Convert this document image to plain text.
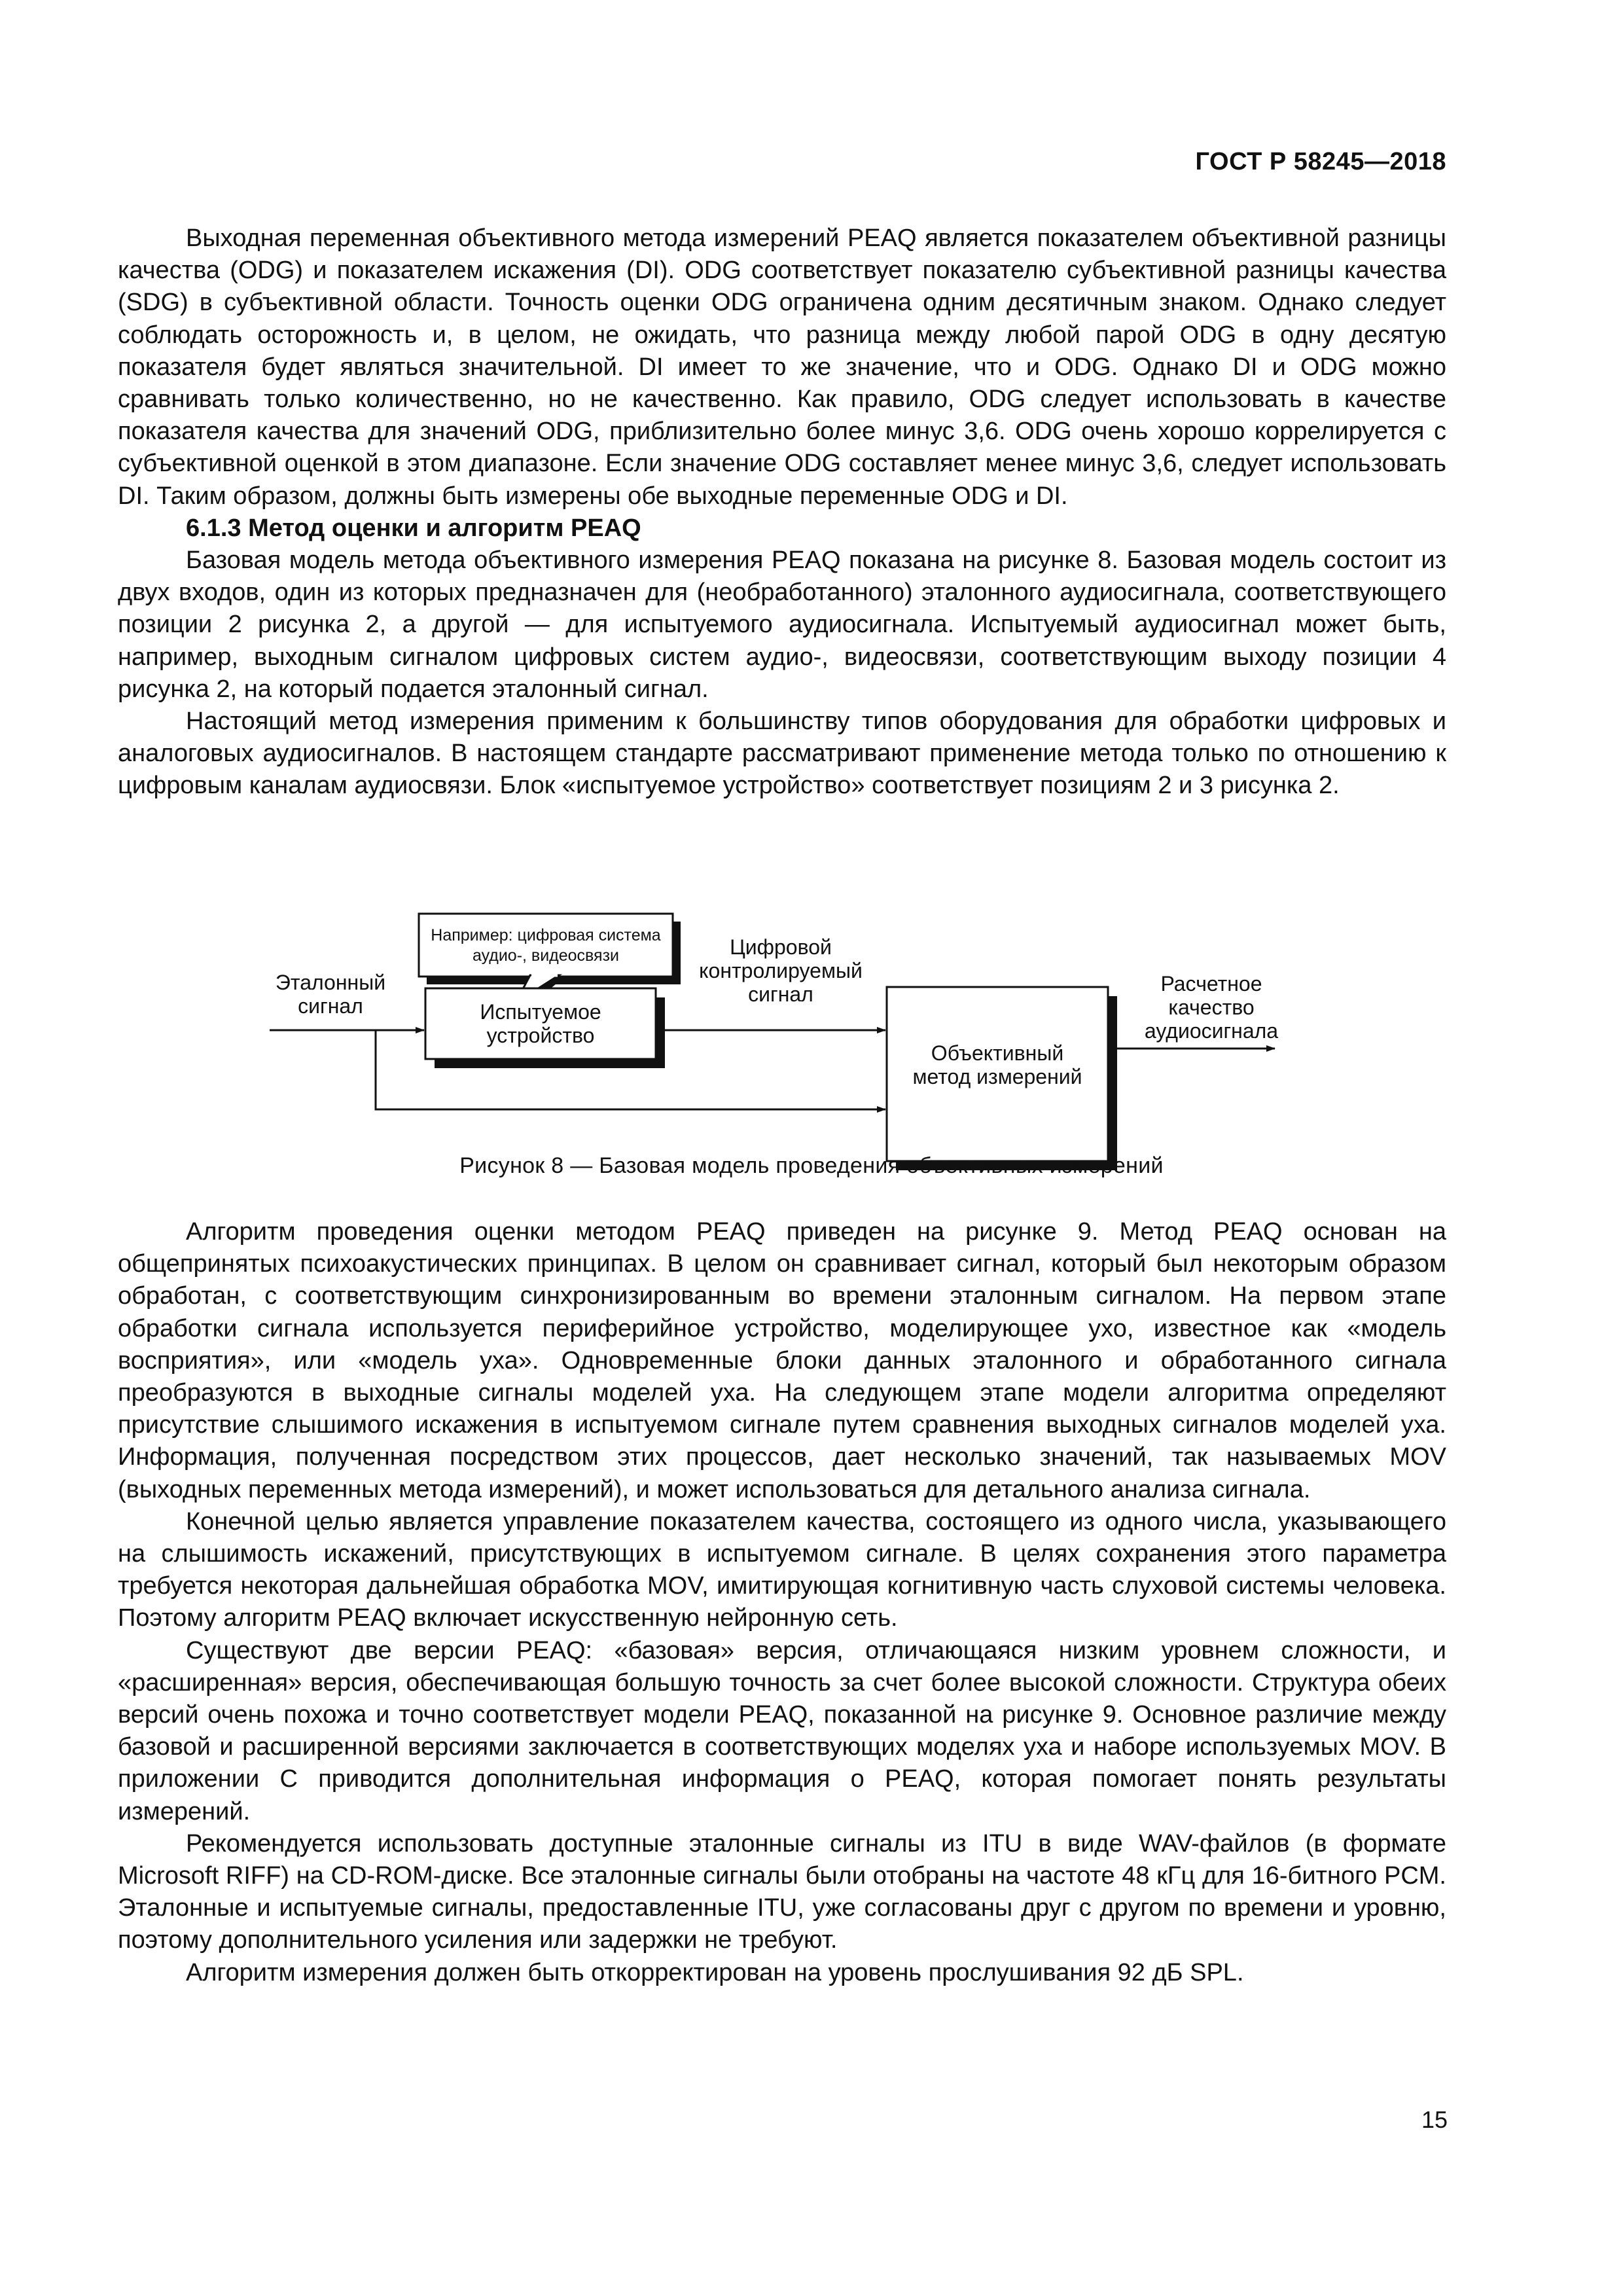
ГОСТ Р 58245—2018

Выходная переменная объективного метода измерений PEAQ является показателем объективной разницы качества (ODG) и показателем искажения (DI). ODG соответствует показателю субъективной разницы качества (SDG) в субъективной области. Точность оценки ODG ограничена одним десятичным знаком. Однако следует соблюдать осторожность и, в целом, не ожидать, что разница между любой парой ODG в одну десятую показателя будет являться значительной. DI имеет то же значение, что и ODG. Однако DI и ODG можно сравнивать только количественно, но не качественно. Как правило, ODG следует использовать в качестве показателя качества для значений ODG, приблизительно более минус 3,6. ODG очень хорошо коррелируется с субъективной оценкой в этом диапазоне. Если значение ODG составляет менее минус 3,6, следует использовать DI. Таким образом, должны быть измерены обе выходные переменные ODG и DI.

6.1.3 Метод оценки и алгоритм PEAQ

Базовая модель метода объективного измерения PEAQ показана на рисунке 8. Базовая модель состоит из двух входов, один из которых предназначен для (необработанного) эталонного аудиосигнала, соответствующего позиции 2 рисунка 2, а другой — для испытуемого аудиосигнала. Испытуемый аудиосигнал может быть, например, выходным сигналом цифровых систем аудио-, видеосвязи, соответствующим выходу позиции 4 рисунка 2, на который подается эталонный сигнал.

Настоящий метод измерения применим к большинству типов оборудования для обработки цифровых и аналоговых аудиосигналов. В настоящем стандарте рассматривают применение метода только по отношению к цифровым каналам аудиосвязи. Блок «испытуемое устройство» соответствует позициям 2 и 3 рисунка 2.

Например: цифровая система
аудио-, видеосвязи
Эталонный
сигнал	Испытуемое
устройство
Цифровой
контролируемый
сигнал
Объективный
метод измерений
Расчетное
качество
аудиосигнала
Рисунок 8 — Базовая модель проведения объективных измерений

Алгоритм проведения оценки методом PEAQ приведен на рисунке 9. Метод PEAQ основан на общепринятых психоакустических принципах. В целом он сравнивает сигнал, который был некоторым образом обработан, с соответствующим синхронизированным во времени эталонным сигналом. На первом этапе обработки сигнала используется периферийное устройство, моделирующее ухо, известное как «модель восприятия», или «модель уха». Одновременные блоки данных эталонного и обработанного сигнала преобразуются в выходные сигналы моделей уха. На следующем этапе модели алгоритма определяют присутствие слышимого искажения в испытуемом сигнале путем сравнения выходных сигналов моделей уха. Информация, полученная посредством этих процессов, дает несколько значений, так называемых MOV (выходных переменных метода измерений), и может использоваться для детального анализа сигнала.

Конечной целью является управление показателем качества, состоящего из одного числа, указывающего на слышимость искажений, присутствующих в испытуемом сигнале. В целях сохранения этого параметра требуется некоторая дальнейшая обработка MOV, имитирующая когнитивную часть слуховой системы человека. Поэтому алгоритм PEAQ включает искусственную нейронную сеть.

Существуют две версии PEAQ: «базовая» версия, отличающаяся низким уровнем сложности, и «расширенная» версия, обеспечивающая большую точность за счет более высокой сложности. Структура обеих версий очень похожа и точно соответствует модели PEAQ, показанной на рисунке 9. Основное различие между базовой и расширенной версиями заключается в соответствующих моделях уха и наборе используемых MOV. В приложении С приводится дополнительная информация о PEAQ, которая помогает понять результаты измерений.

Рекомендуется использовать доступные эталонные сигналы из ITU в виде WAV-файлов (в формате Microsoft RIFF) на CD-ROM-диске. Все эталонные сигналы были отобраны на частоте 48 кГц для 16-битного PCM. Эталонные и испытуемые сигналы, предоставленные ITU, уже согласованы друг с другом по времени и уровню, поэтому дополнительного усиления или задержки не требуют.

Алгоритм измерения должен быть откорректирован на уровень прослушивания 92 дБ SPL.

15
